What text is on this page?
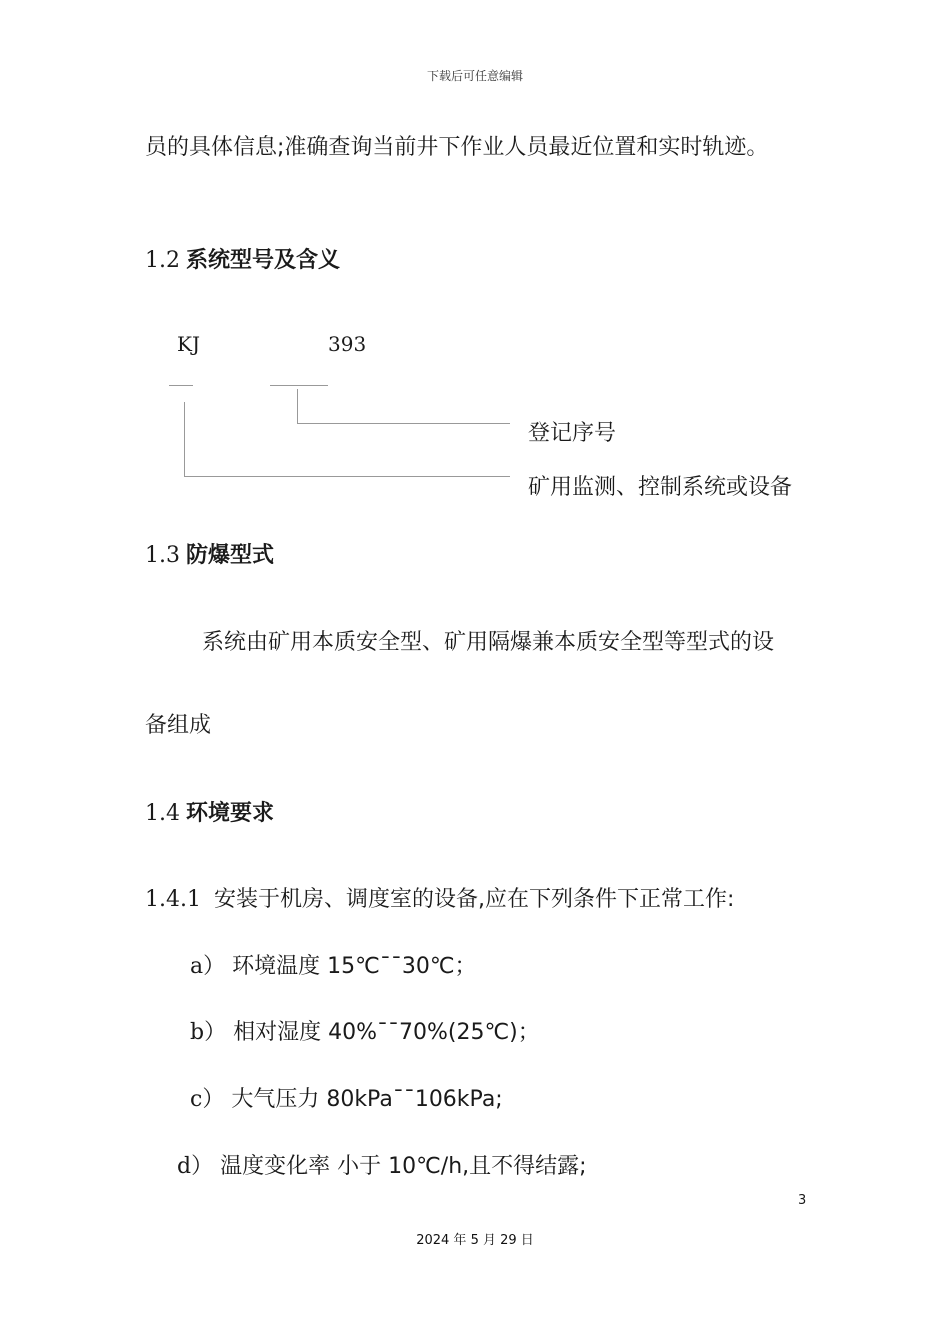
下载后可任意编辑
员的具体信息;准确查询当前井下作业人员最近位置和实时轨迹。
1.2 系统型号及含义
KJ	393
登记序号
矿用监测、控制系统或设备
1.3 防爆型式
系统由矿用本质安全型、矿用隔爆兼本质安全型等型式的设
备组成
1.4 环境要求
1.4.1 安装于机房、调度室的设备,应在下列条件下正常工作:
a） 环境温度 15℃¯¯30℃；
b） 相对湿度 40%¯¯70%(25℃)；
c） 大气压力 80kPa¯¯106kPa;
d） 温度变化率 小于 10℃/h,且不得结露;
3
2024 年 5 月 29 日
